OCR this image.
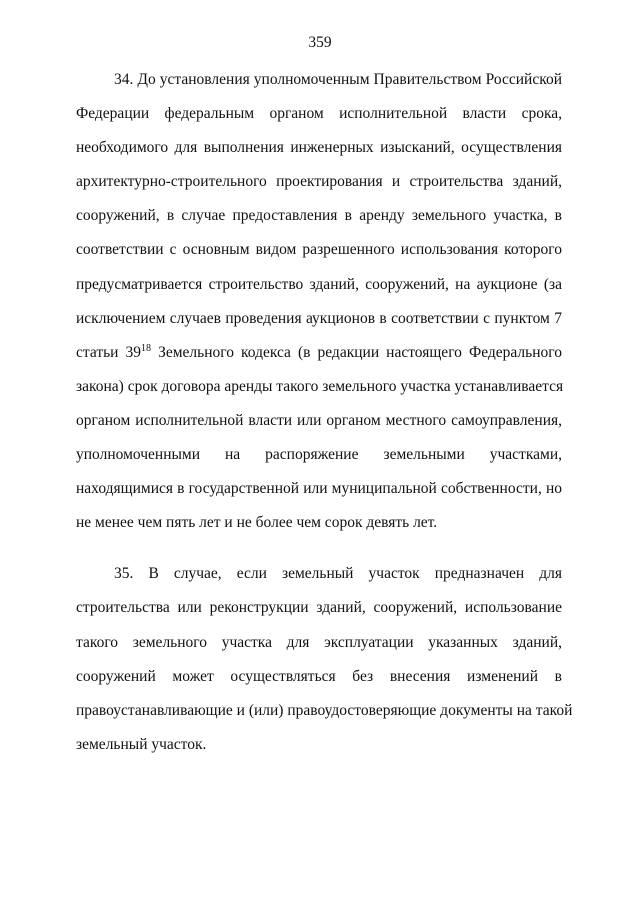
359
34. До установления уполномоченным Правительством Российской
Федерации федеральным органом исполнительной власти срока,
необходимого для выполнения инженерных изысканий, осуществления
архитектурно-строительного проектирования и строительства зданий,
сооружений, в случае предоставления в аренду земельного участка, в
соответствии с основным видом разрешенного использования которого
предусматривается строительство зданий, сооружений, на аукционе (за
исключением случаев проведения аукционов в соответствии с пунктом 7
статьи $39^{18}$ Земельного кодекса (в редакции настоящего Федерального
закона) срок договора аренды такого земельного участка устанавливается
органом исполнительной власти или органом местного самоуправления,
уполномоченными на распоряжение земельными участками,
находящимися в государственной или муниципальной собственности, но
не менее чем пять лет и не более чем сорок девять лет.
35. В случае, если земельный участок предназначен для
строительства или реконструкции зданий, сооружений, использование
такого земельного участка для эксплуатации указанных зданий,
сооружений может осуществляться без внесения изменений в
правоустанавливающие и (или) правоудостоверяющие документы на такой
земельный участок.
